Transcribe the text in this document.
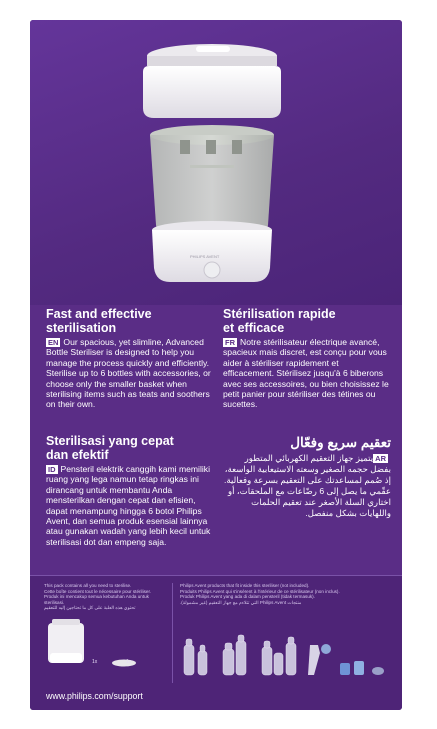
PHILIPS AVENT
Fast and effective
sterilisation
EN Our spacious, yet slimline, Advanced Bottle Steriliser is designed to help you manage the process quickly and efficiently. Sterilise up to 6 bottles with accessories, or choose only the smaller basket when sterilising items such as teats and soothers on their own.
Stérilisation rapide
et efficace
FR Notre stérilisateur électrique avancé, spacieux mais discret, est conçu pour vous aider à stériliser rapidement et efficacement. Stérilisez jusqu'à 6 biberons avec ses accessoires, ou bien choisissez le petit panier pour stériliser des tétines ou sucettes.
Sterilisasi yang cepat
dan efektif
ID Pensteril elektrik canggih kami memiliki ruang yang lega namun tetap ringkas ini dirancang untuk membantu Anda mensterilkan dengan cepat dan efisien, dapat menampung hingga 6 botol Philips Avent, dan semua produk esensial lainnya atau gunakan wadah yang lebih kecil untuk sterilisasi dot dan empeng saja.
تعقيم سريع وفعّال
ARيتميز جهاز التعقيم الكهربائي المتطور بفضل حجمه الصغير وسعته الاستيعابية الواسعة، إذ صُمم لمساعدتك على التعقيم بسرعة وفعالية. عقّمي ما يصل إلى 6 رضّاعات مع الملحقات، أو اختاري السلة الأصغر عند تعقيم الحلمات واللهايات بشكل منفصل.
This pack contains all you need to sterilise.
Cette boîte contient tout le nécessaire pour stériliser.
Produk ini mencakup semua kebutuhan Anda untuk sterilisasi.
تحتوي هذه العلبة على كل ما تحتاجين إليه للتعقيم
1x	1x
Philips Avent products that fit inside this steriliser (not included).
Produits Philips Avent qui s'insèrent à l'intérieur de ce stérilisateur (non inclus).
Produk Philips Avent yang ada di dalam pensteril (tidak termasuk).
منتجات Philips Avent التي تتلاءم مع جهاز التعقيم (غير مشمولة).
www.philips.com/support
